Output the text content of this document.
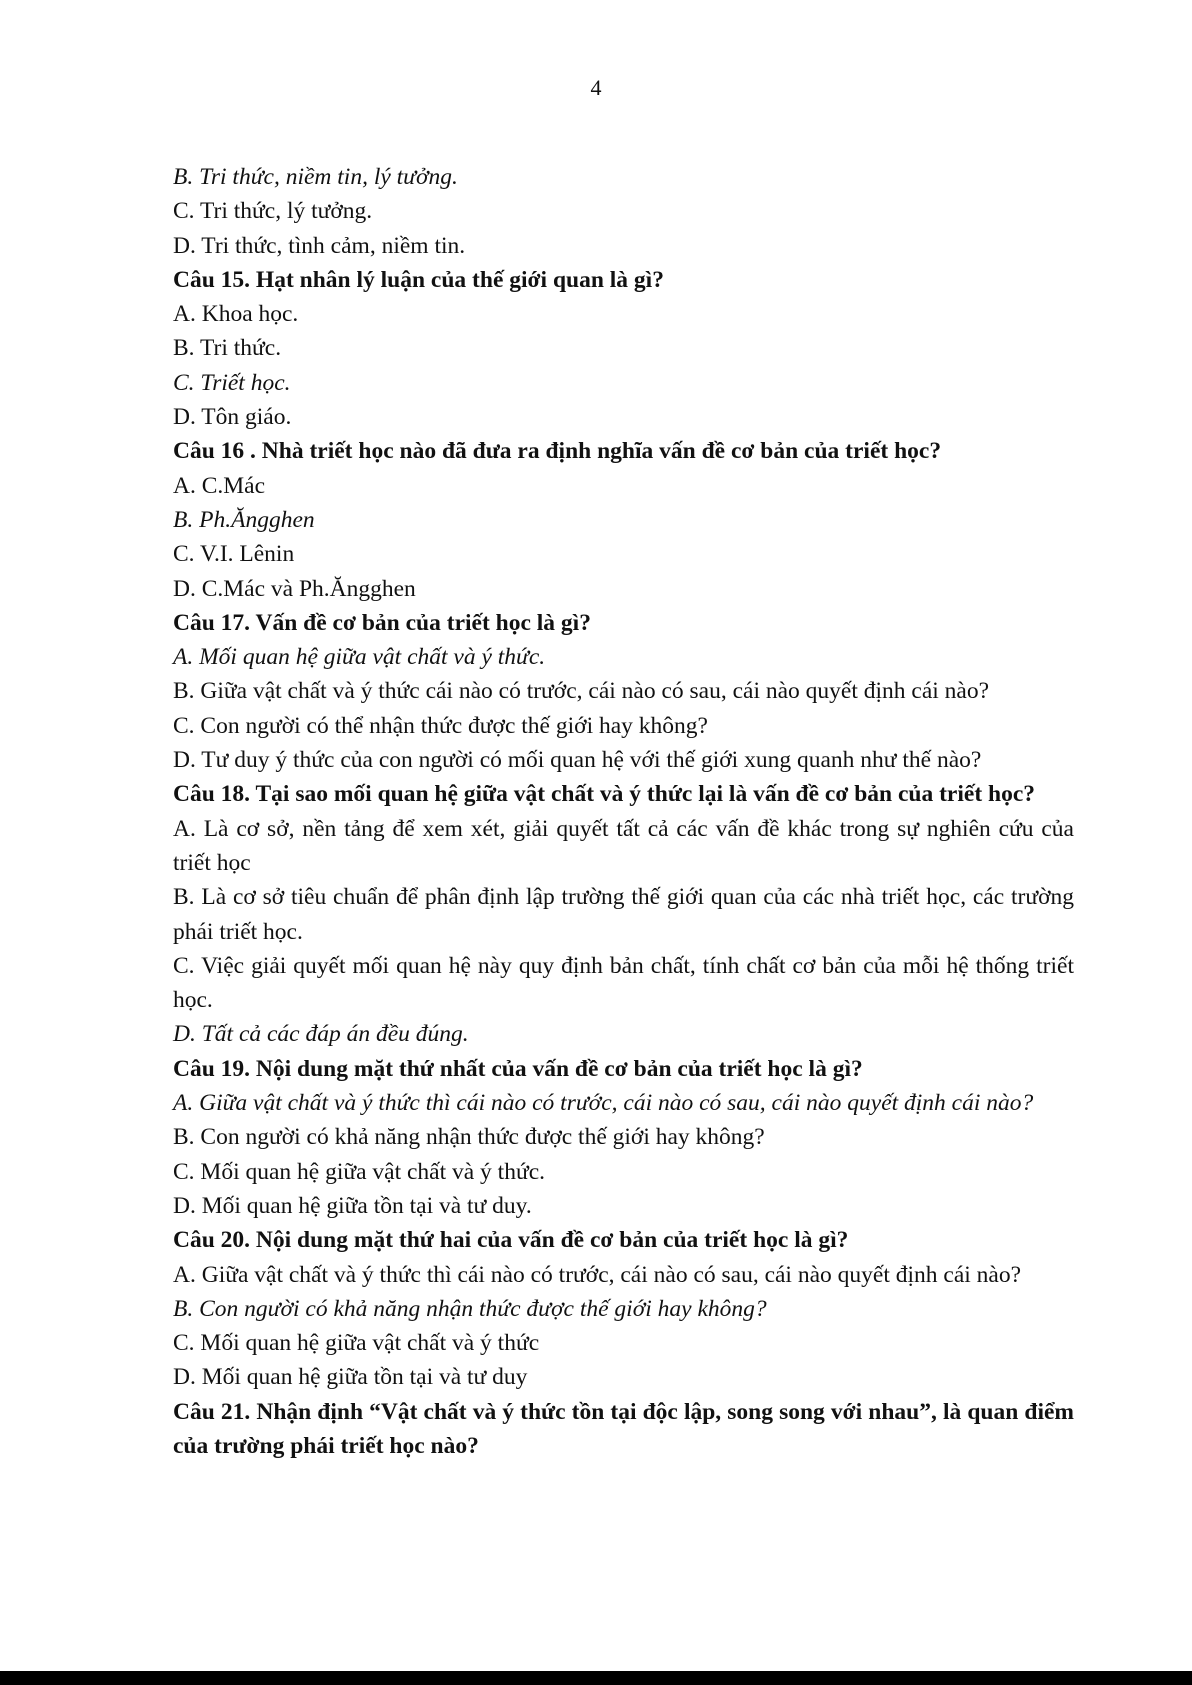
4

B. Tri thức, niềm tin, lý tưởng.

C. Tri thức, lý tưởng.

D. Tri thức, tình cảm, niềm tin.

Câu 15. Hạt nhân lý luận của thế giới quan là gì?

A. Khoa học.

B. Tri thức.

C. Triết học.

D. Tôn giáo.

Câu 16 . Nhà triết học nào đã đưa ra định nghĩa vấn đề cơ bản của triết học?

A. C.Mác

B. Ph.Ăngghen

C. V.I. Lênin

D. C.Mác và Ph.Ăngghen

Câu 17. Vấn đề cơ bản của triết học là gì?

A. Mối quan hệ giữa vật chất và ý thức.

B. Giữa vật chất và ý thức cái nào có trước, cái nào có sau, cái nào quyết định cái nào?

C. Con người có thể nhận thức được thế giới hay không?

D. Tư duy ý thức của con người có mối quan hệ với thế giới xung quanh như thế nào?

Câu 18. Tại sao mối quan hệ giữa vật chất và ý thức lại là vấn đề cơ bản của triết học?

A. Là cơ sở, nền tảng để xem xét, giải quyết tất cả các vấn đề khác trong sự nghiên cứu của triết học

B. Là cơ sở tiêu chuẩn để phân định lập trường thế giới quan của các nhà triết học, các trường phái triết học.

C. Việc giải quyết mối quan hệ này quy định bản chất, tính chất cơ bản của mỗi hệ thống triết học.

D. Tất cả các đáp án đều đúng.

Câu 19. Nội dung mặt thứ nhất của vấn đề cơ bản của triết học là gì?

A. Giữa vật chất và ý thức thì cái nào có trước, cái nào có sau, cái nào quyết định cái nào?

B. Con người có khả năng nhận thức được thế giới hay không?

C. Mối quan hệ giữa vật chất và ý thức.

D. Mối quan hệ giữa tồn tại và tư duy.

Câu 20. Nội dung mặt thứ hai của vấn đề cơ bản của triết học là gì?

A. Giữa vật chất và ý thức thì cái nào có trước, cái nào có sau, cái nào quyết định cái nào?

B. Con người có khả năng nhận thức được thế giới hay không?

C. Mối quan hệ giữa vật chất và ý thức

D. Mối quan hệ giữa tồn tại và tư duy

Câu 21. Nhận định “Vật chất và ý thức tồn tại độc lập, song song với nhau”, là quan điểm của trường phái triết học nào?
